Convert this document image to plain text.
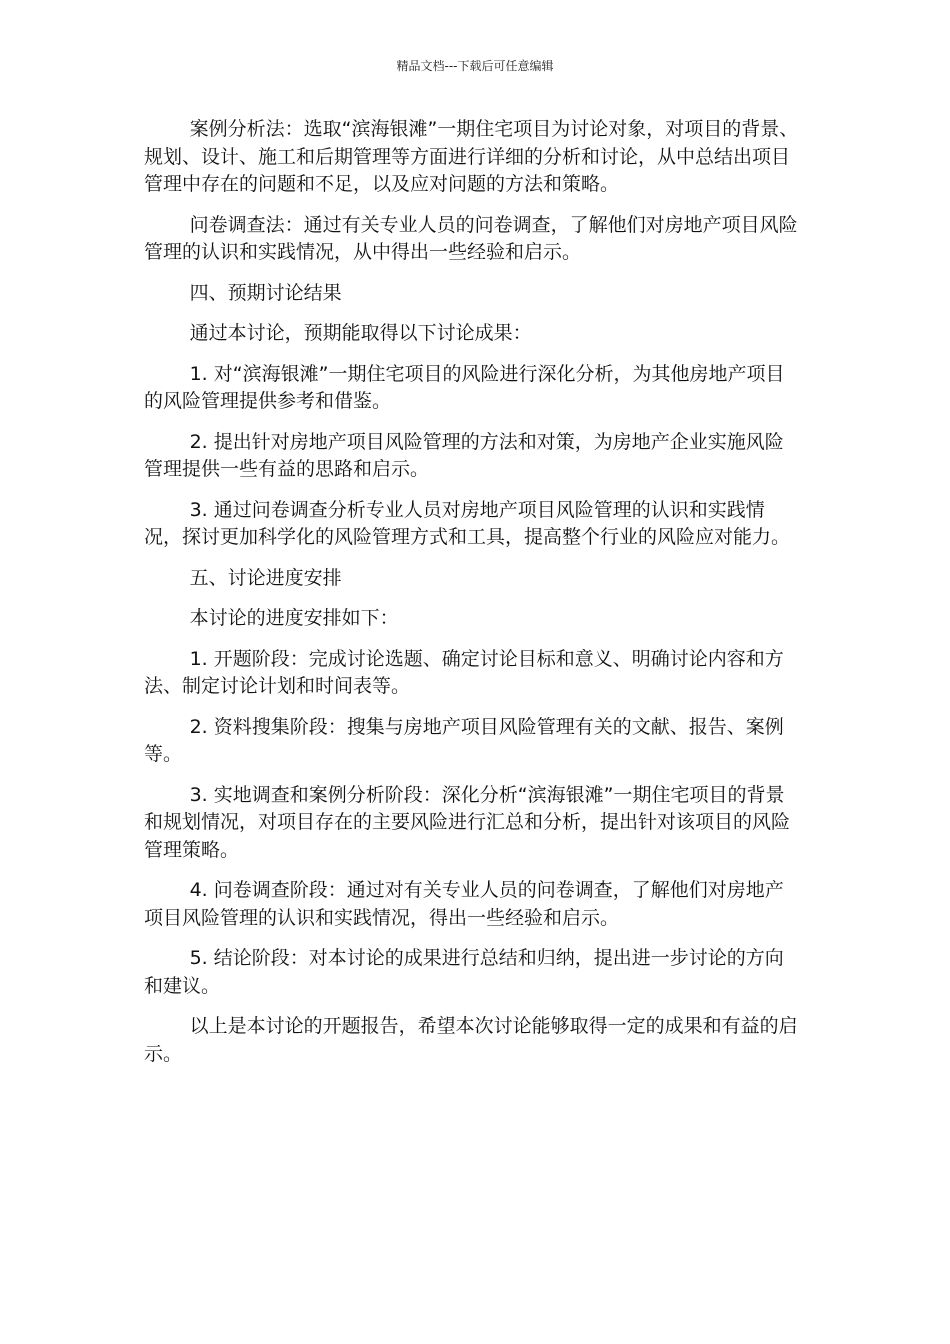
精品文档---下载后可任意编辑

案例分析法：选取“滨海银滩”一期住宅项目为讨论对象，对项目的背景、规划、设计、施工和后期管理等方面进行详细的分析和讨论，从中总结出项目管理中存在的问题和不足，以及应对问题的方法和策略。

问卷调查法：通过有关专业人员的问卷调查，了解他们对房地产项目风险管理的认识和实践情况，从中得出一些经验和启示。

四、预期讨论结果

通过本讨论，预期能取得以下讨论成果：

1. 对“滨海银滩”一期住宅项目的风险进行深化分析，为其他房地产项目的风险管理提供参考和借鉴。

2. 提出针对房地产项目风险管理的方法和对策，为房地产企业实施风险管理提供一些有益的思路和启示。

3. 通过问卷调查分析专业人员对房地产项目风险管理的认识和实践情况，探讨更加科学化的风险管理方式和工具，提高整个行业的风险应对能力。

五、讨论进度安排

本讨论的进度安排如下：

1. 开题阶段：完成讨论选题、确定讨论目标和意义、明确讨论内容和方法、制定讨论计划和时间表等。

2. 资料搜集阶段：搜集与房地产项目风险管理有关的文献、报告、案例等。

3. 实地调查和案例分析阶段：深化分析“滨海银滩”一期住宅项目的背景和规划情况，对项目存在的主要风险进行汇总和分析，提出针对该项目的风险管理策略。

4. 问卷调查阶段：通过对有关专业人员的问卷调查，了解他们对房地产项目风险管理的认识和实践情况，得出一些经验和启示。

5. 结论阶段：对本讨论的成果进行总结和归纳，提出进一步讨论的方向和建议。

以上是本讨论的开题报告，希望本次讨论能够取得一定的成果和有益的启示。
